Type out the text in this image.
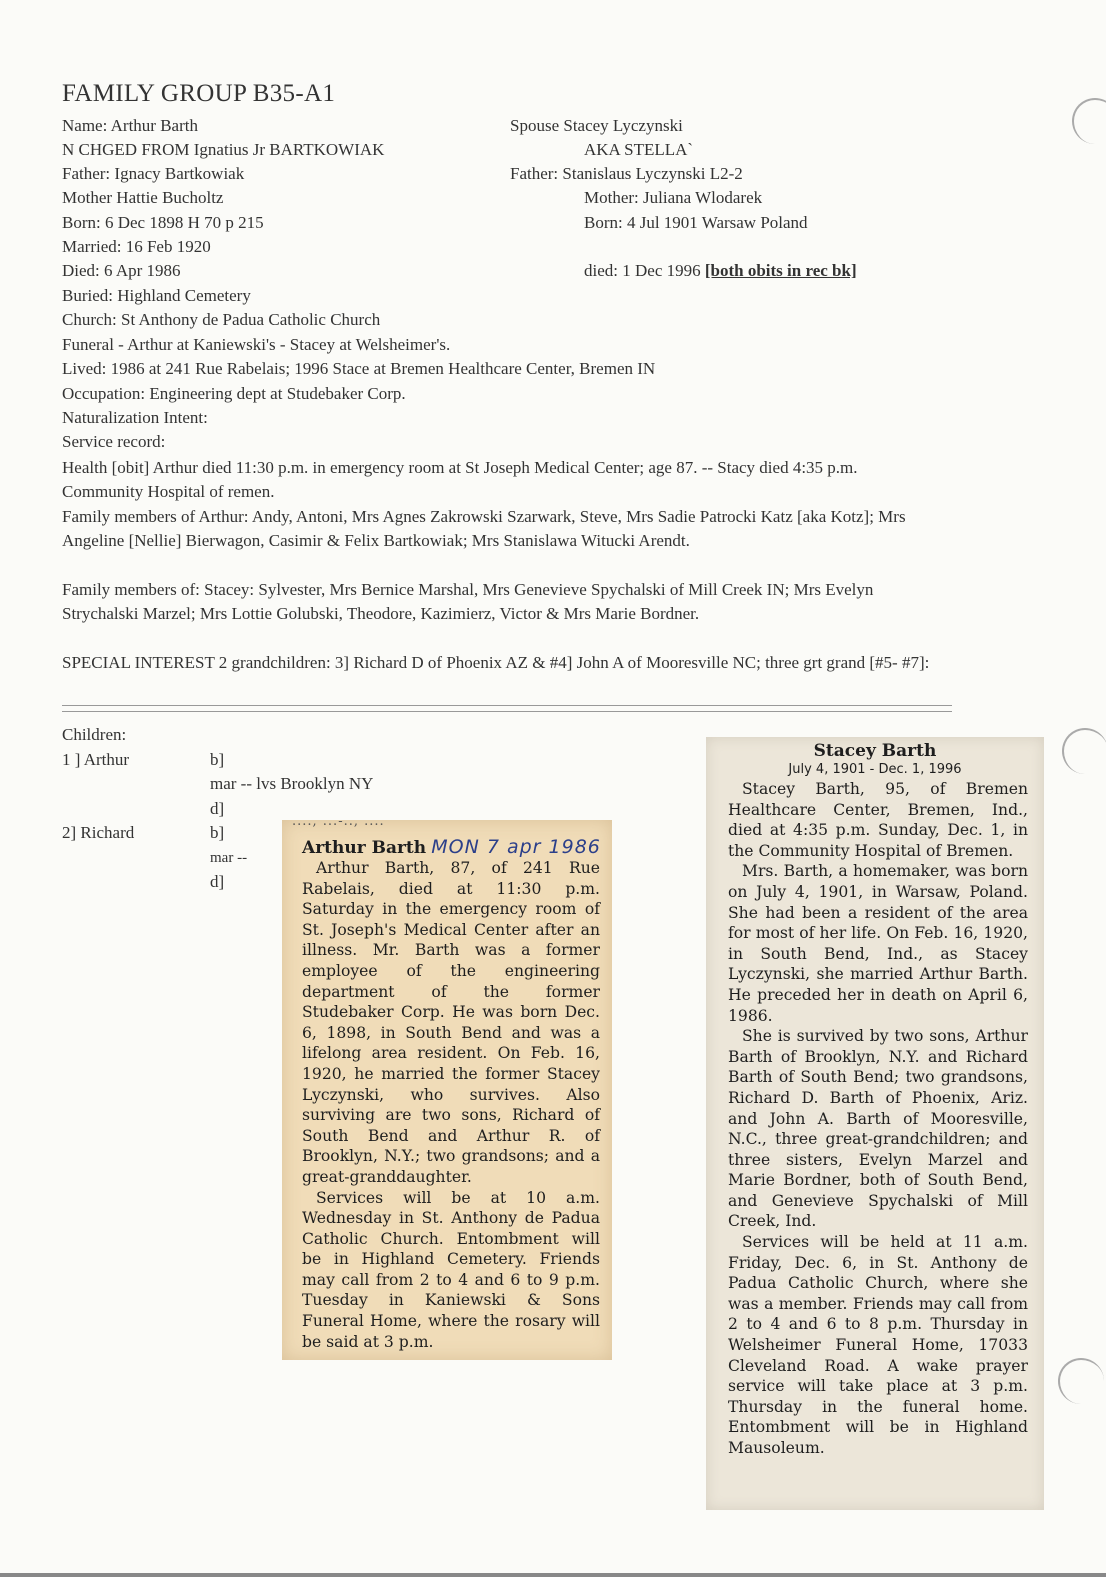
FAMILY GROUP B35-A1
Name: Arthur Barth
N CHGED FROM Ignatius Jr BARTKOWIAK
Father: Ignacy Bartkowiak
Mother Hattie Bucholtz
Born: 6 Dec 1898 H 70 p 215
Married: 16 Feb 1920
Died: 6 Apr 1986
Spouse Stacey Lyczynski
AKA STELLA`
Father: Stanislaus Lyczynski L2-2
Mother: Juliana Wlodarek
Born: 4 Jul 1901 Warsaw Poland
died: 1 Dec 1996 [both obits in rec bk]
Buried: Highland Cemetery
Church: St Anthony de Padua Catholic Church
Funeral - Arthur at Kaniewski's - Stacey at Welsheimer's.
Lived: 1986 at 241 Rue Rabelais; 1996 Stace at Bremen Healthcare Center, Bremen IN
Occupation: Engineering dept at Studebaker Corp.
Naturalization Intent:
Service record:
Health [obit] Arthur died 11:30 p.m. in emergency room at St Joseph Medical Center; age 87. -- Stacy died 4:35 p.m. Community Hospital of remen.
Family members of Arthur: Andy, Antoni, Mrs Agnes Zakrowski Szarwark, Steve, Mrs Sadie Patrocki Katz [aka Kotz]; Mrs Angeline [Nellie] Bierwagon, Casimir & Felix Bartkowiak; Mrs Stanislawa Witucki Arendt.
Family members of: Stacey: Sylvester, Mrs Bernice Marshal, Mrs Genevieve Spychalski of Mill Creek IN; Mrs Evelyn Strychalski Marzel; Mrs Lottie Golubski, Theodore, Kazimierz, Victor & Mrs Marie Bordner.
SPECIAL INTEREST 2 grandchildren: 3] Richard D of Phoenix AZ & #4] John A of Mooresville NC; three grt grand [#5- #7]:
Children:
1 ] Arthur	b]
mar -- lvs Brooklyn NY
d]
2] Richard	b]
mar --
d]
...., ...-.., ....
Arthur Barth MON 7 apr 1986

Arthur Barth, 87, of 241 Rue Rabelais, died at 11:30 p.m. Saturday in the emergency room of St. Joseph's Medical Center after an illness. Mr. Barth was a former employee of the engineering department of the former Studebaker Corp. He was born Dec. 6, 1898, in South Bend and was a lifelong area resident. On Feb. 16, 1920, he married the former Stacey Lyczynski, who survives. Also surviving are two sons, Richard of South Bend and Arthur R. of Brooklyn, N.Y.; two grandsons; and a great-granddaughter.

Services will be at 10 a.m. Wednesday in St. Anthony de Padua Catholic Church. Entombment will be in Highland Cemetery. Friends may call from 2 to 4 and 6 to 9 p.m. Tuesday in Kaniewski & Sons Funeral Home, where the rosary will be said at 3 p.m.

Stacey Barth
July 4, 1901 - Dec. 1, 1996

Stacey Barth, 95, of Bremen Healthcare Center, Bremen, Ind., died at 4:35 p.m. Sunday, Dec. 1, in the Community Hospital of Bremen.

Mrs. Barth, a homemaker, was born on July 4, 1901, in Warsaw, Poland. She had been a resident of the area for most of her life. On Feb. 16, 1920, in South Bend, Ind., as Stacey Lyczynski, she married Arthur Barth. He preceded her in death on April 6, 1986.

She is survived by two sons, Arthur Barth of Brooklyn, N.Y. and Richard Barth of South Bend; two grandsons, Richard D. Barth of Phoenix, Ariz. and John A. Barth of Mooresville, N.C., three great-grandchildren; and three sisters, Evelyn Marzel and Marie Bordner, both of South Bend, and Genevieve Spychalski of Mill Creek, Ind.

Services will be held at 11 a.m. Friday, Dec. 6, in St. Anthony de Padua Catholic Church, where she was a member. Friends may call from 2 to 4 and 6 to 8 p.m. Thursday in Welsheimer Funeral Home, 17033 Cleveland Road. A wake prayer service will take place at 3 p.m. Thursday in the funeral home. Entombment will be in Highland Mausoleum.
